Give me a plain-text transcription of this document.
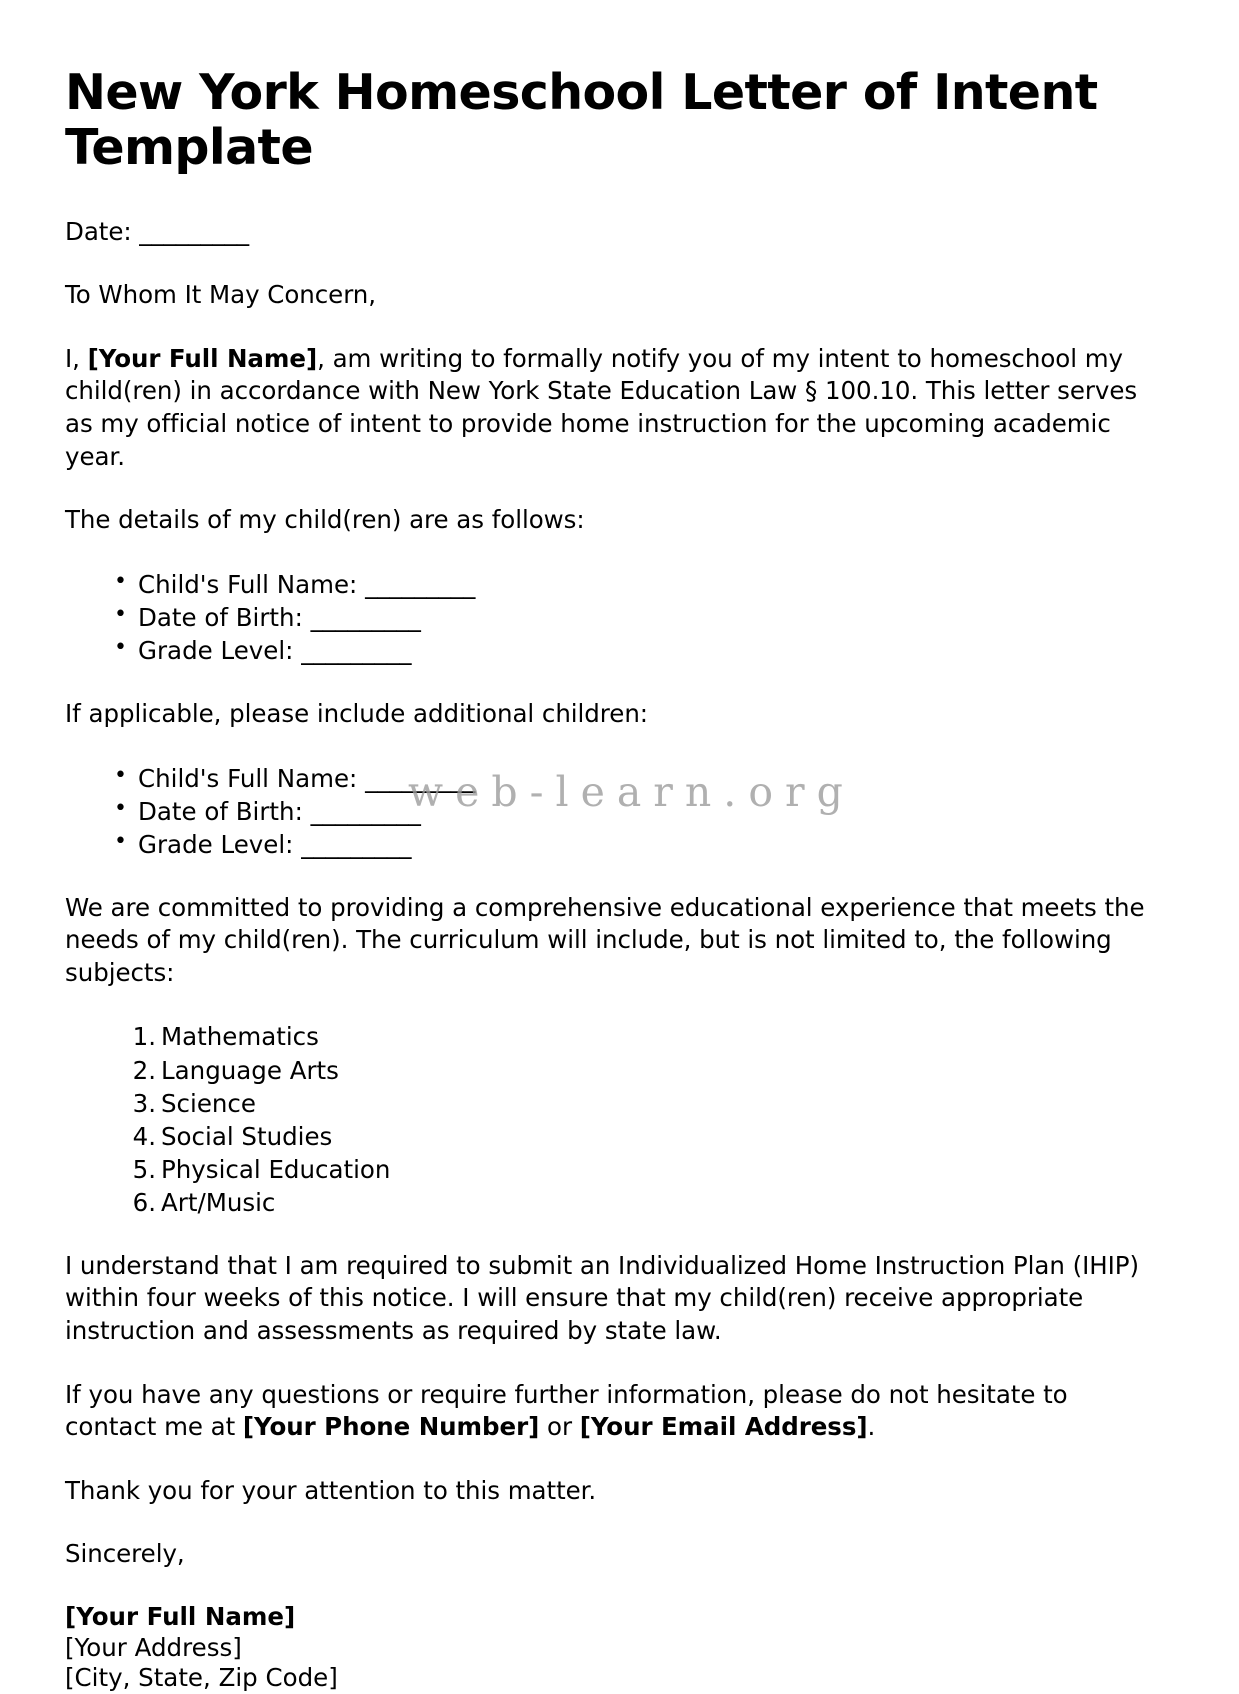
web-learn.org
New York Homeschool Letter of Intent Template

Date: _________

To Whom It May Concern,

I, [Your Full Name], am writing to formally notify you of my intent to homeschool my child(ren) in accordance with New York State Education Law § 100.10. This letter serves as my official notice of intent to provide home instruction for the upcoming academic year.

The details of my child(ren) are as follows:

• Child's Full Name: _________
• Date of Birth: _________
• Grade Level: _________

If applicable, please include additional children:

• Child's Full Name: _________
• Date of Birth: _________
• Grade Level: _________

We are committed to providing a comprehensive educational experience that meets the needs of my child(ren). The curriculum will include, but is not limited to, the following subjects:

Mathematics
Language Arts
Science
Social Studies
Physical Education
Art/Music

I understand that I am required to submit an Individualized Home Instruction Plan (IHIP) within four weeks of this notice. I will ensure that my child(ren) receive appropriate instruction and assessments as required by state law.

If you have any questions or require further information, please do not hesitate to contact me at [Your Phone Number] or [Your Email Address].

Thank you for your attention to this matter.

Sincerely,

[Your Full Name]
[Your Address]
[City, State, Zip Code]
